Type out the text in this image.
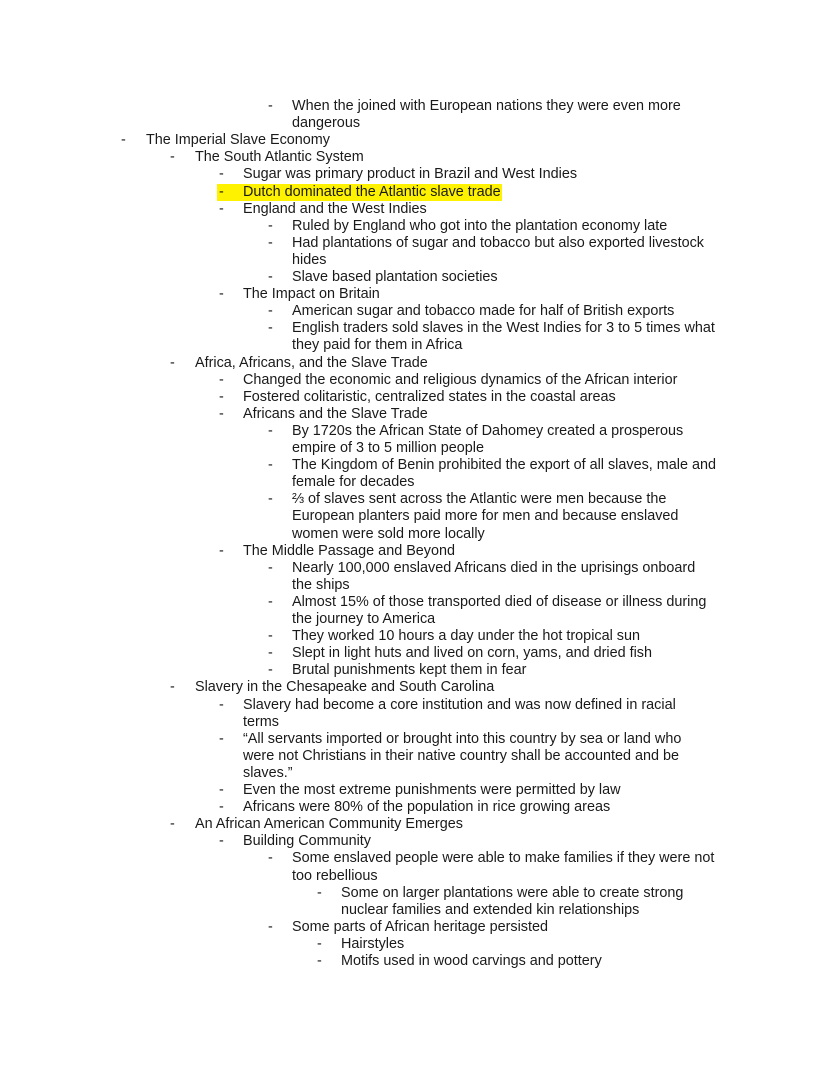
- When the joined with European nations they were even more
dangerous
- The Imperial Slave Economy
- The South Atlantic System
- Sugar was primary product in Brazil and West Indies
- Dutch dominated the Atlantic slave trade
- England and the West Indies
- Ruled by England who got into the plantation economy late
- Had plantations of sugar and tobacco but also exported livestock
hides
- Slave based plantation societies
- The Impact on Britain
- American sugar and tobacco made for half of British exports
- English traders sold slaves in the West Indies for 3 to 5 times what
they paid for them in Africa
- Africa, Africans, and the Slave Trade
- Changed the economic and religious dynamics of the African interior
- Fostered colitaristic, centralized states in the coastal areas
- Africans and the Slave Trade
- By 1720s the African State of Dahomey created a prosperous
empire of 3 to 5 million people
- The Kingdom of Benin prohibited the export of all slaves, male and
female for decades
- ⅔ of slaves sent across the Atlantic were men because the
European planters paid more for men and because enslaved
women were sold more locally
- The Middle Passage and Beyond
- Nearly 100,000 enslaved Africans died in the uprisings onboard
the ships
- Almost 15% of those transported died of disease or illness during
the journey to America
- They worked 10 hours a day under the hot tropical sun
- Slept in light huts and lived on corn, yams, and dried fish
- Brutal punishments kept them in fear
- Slavery in the Chesapeake and South Carolina
- Slavery had become a core institution and was now defined in racial
terms
- “All servants imported or brought into this country by sea or land who
were not Christians in their native country shall be accounted and be
slaves.”
- Even the most extreme punishments were permitted by law
- Africans were 80% of the population in rice growing areas
- An African American Community Emerges
- Building Community
- Some enslaved people were able to make families if they were not
too rebellious
- Some on larger plantations were able to create strong
nuclear families and extended kin relationships
- Some parts of African heritage persisted
- Hairstyles
- Motifs used in wood carvings and pottery
